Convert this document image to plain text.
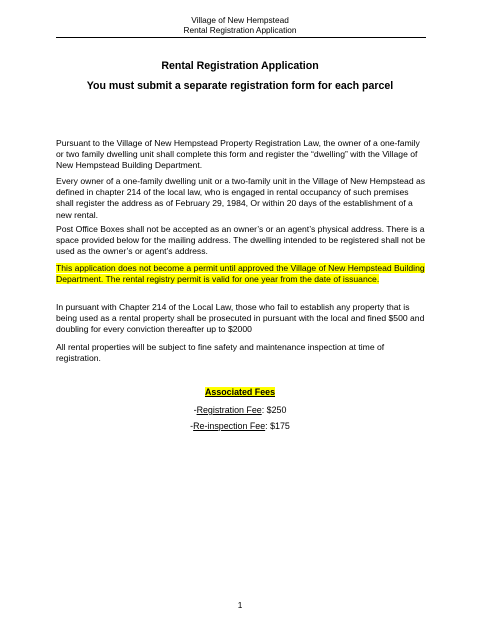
Village of New Hempstead
Rental Registration Application
Rental Registration Application
You must submit a separate registration form for each parcel
Pursuant to the Village of New Hempstead Property Registration Law, the owner of a one-family or two family dwelling unit shall complete this form and register the “dwelling” with the Village of New Hempstead Building Department.
Every owner of a one-family dwelling unit or a two-family unit in the Village of New Hempstead as defined in chapter 214 of the local law, who is engaged in rental occupancy of such premises shall register the address as of February 29, 1984, Or within 20 days of the establishment of a new rental.
Post Office Boxes shall not be accepted as an owner’s or an agent’s physical address. There is a space provided below for the mailing address. The dwelling intended to be registered shall not be used as the owner’s or agent’s address.
This application does not become a permit until approved the Village of New Hempstead Building Department. The rental registry permit is valid for one year from the date of issuance.
In pursuant with Chapter 214 of the Local Law, those who fail to establish any property that is being used as a rental property shall be prosecuted in pursuant with the local and fined $500 and doubling for every conviction thereafter up to $2000
All rental properties will be subject to fine safety and maintenance inspection at time of registration.
Associated Fees
-Registration Fee: $250
-Re-inspection Fee: $175
1
